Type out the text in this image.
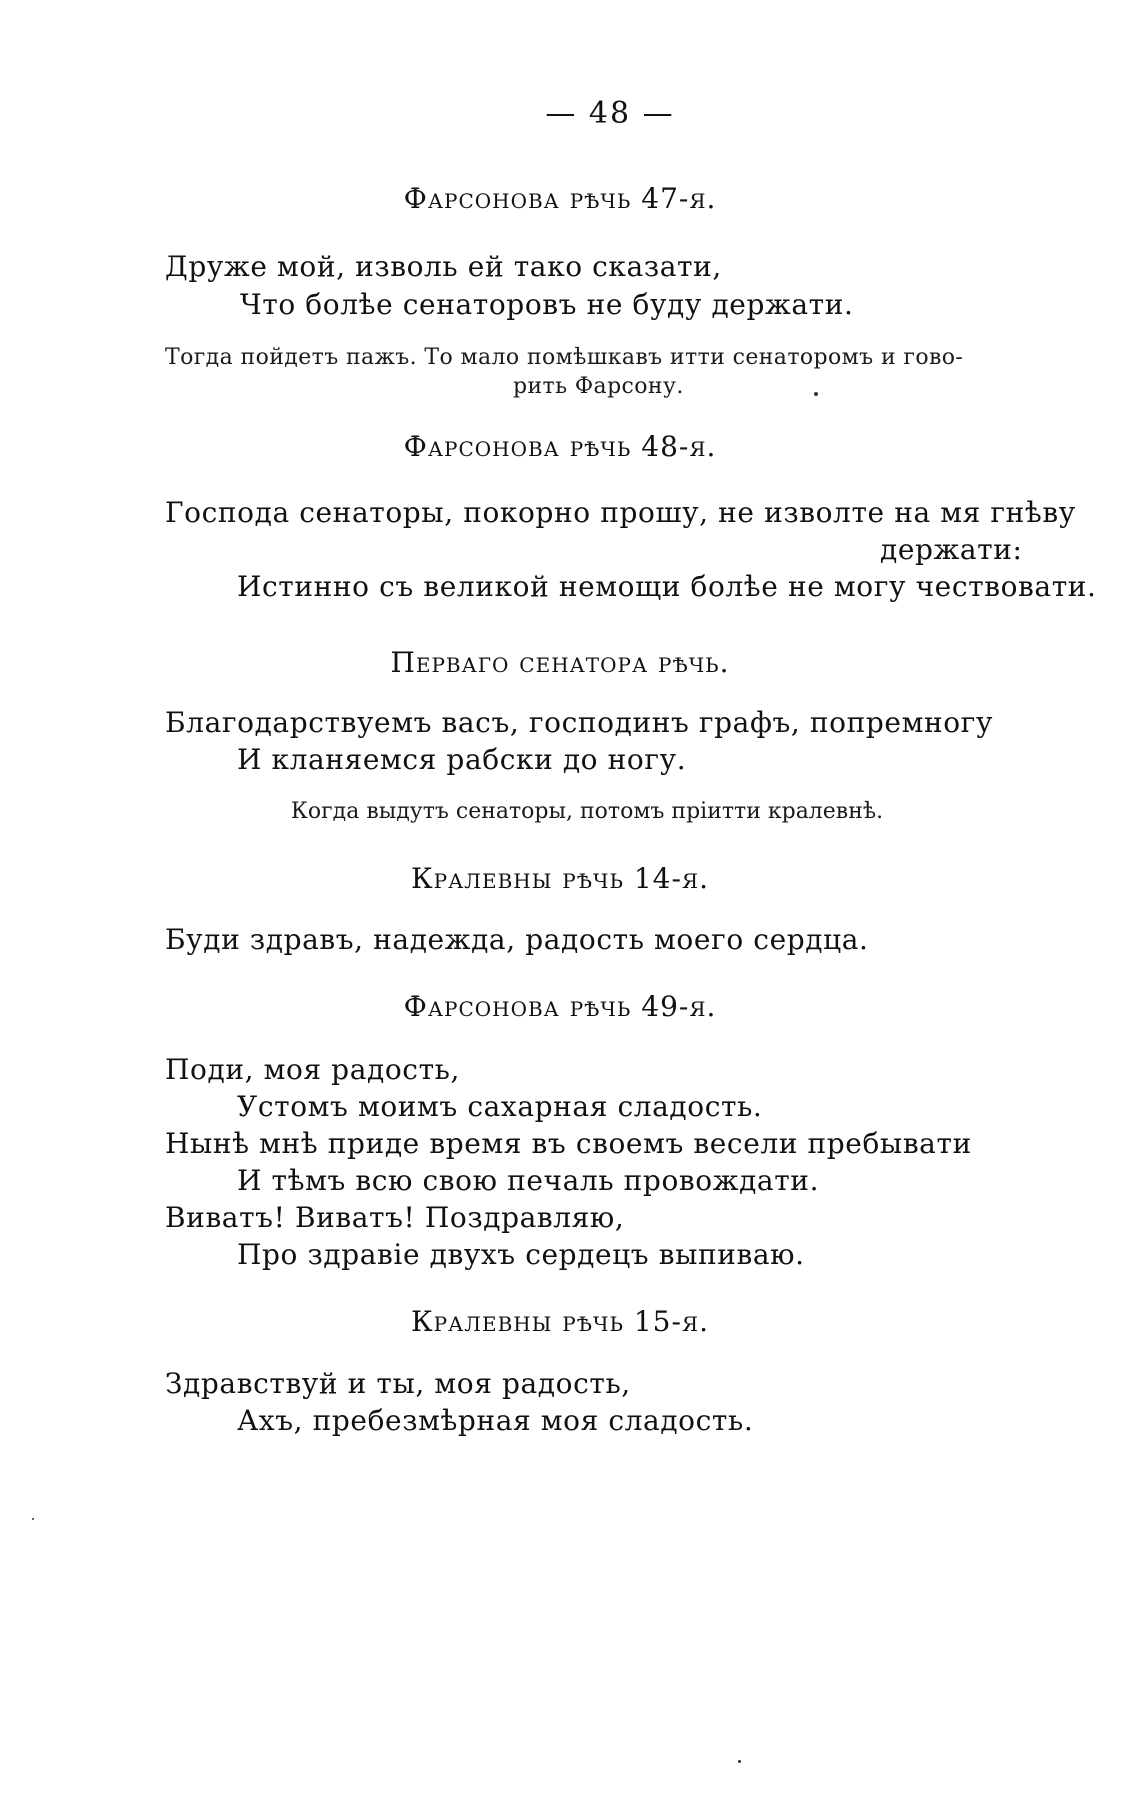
— 48 —
Фарсонова рѣчь 47-я.
Друже мой, изволь ей тако сказати,
Что болѣе сенаторовъ не буду держати.
Тогда пойдетъ пажъ. То мало помѣшкавъ итти сенаторомъ и гово-
рить Фарсону.
Фарсонова рѣчь 48-я.
Господа сенаторы, покорно прошу, не изволте на мя гнѣву
держати:
Истинно съ великой немощи болѣе не могу чествовати.
Перваго сенатора рѣчь.
Благодарствуемъ васъ, господинъ графъ, попремногу
И кланяемся рабски до ногу.
Когда выдутъ сенаторы, потомъ пріитти кралевнѣ.
Кралевны рѣчь 14-я.
Буди здравъ, надежда, радость моего сердца.
Фарсонова рѣчь 49-я.
Поди, моя радость,
Устомъ моимъ сахарная сладость.
Нынѣ мнѣ приде время въ своемъ весели пребывати
И тѣмъ всю свою печаль провождати.
Виватъ! Виватъ! Поздравляю,
Про здравіе двухъ сердецъ выпиваю.
Кралевны рѣчь 15-я.
Здравствуй и ты, моя радость,
Ахъ, пребезмѣрная моя сладость.
